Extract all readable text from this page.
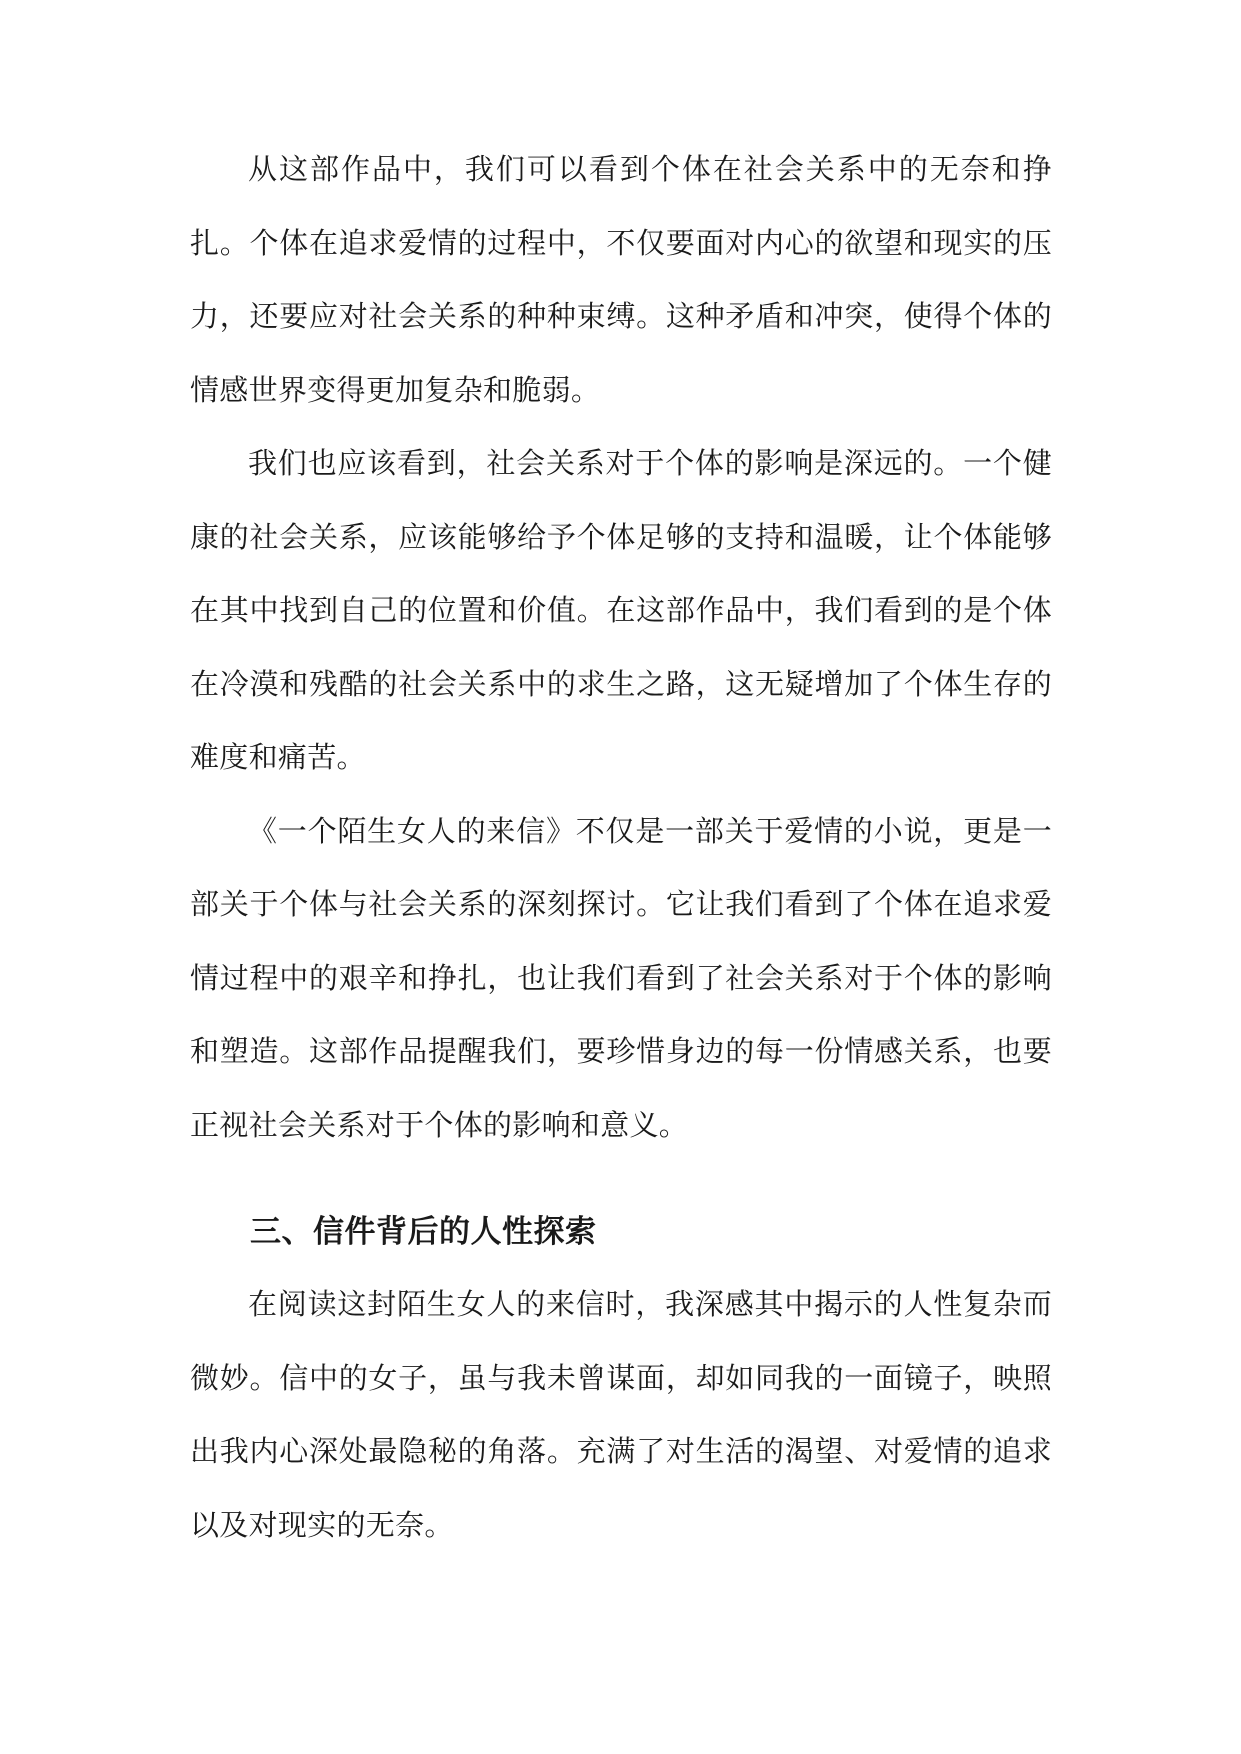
从这部作品中，我们可以看到个体在社会关系中的无奈和挣扎。个体在追求爱情的过程中，不仅要面对内心的欲望和现实的压力，还要应对社会关系的种种束缚。这种矛盾和冲突，使得个体的情感世界变得更加复杂和脆弱。

我们也应该看到，社会关系对于个体的影响是深远的。一个健康的社会关系，应该能够给予个体足够的支持和温暖，让个体能够在其中找到自己的位置和价值。在这部作品中，我们看到的是个体在冷漠和残酷的社会关系中的求生之路，这无疑增加了个体生存的难度和痛苦。

《一个陌生女人的来信》不仅是一部关于爱情的小说，更是一部关于个体与社会关系的深刻探讨。它让我们看到了个体在追求爱情过程中的艰辛和挣扎，也让我们看到了社会关系对于个体的影响和塑造。这部作品提醒我们，要珍惜身边的每一份情感关系，也要正视社会关系对于个体的影响和意义。

三、信件背后的人性探索

在阅读这封陌生女人的来信时，我深感其中揭示的人性复杂而微妙。信中的女子，虽与我未曾谋面，却如同我的一面镜子，映照出我内心深处最隐秘的角落。充满了对生活的渴望、对爱情的追求以及对现实的无奈。
